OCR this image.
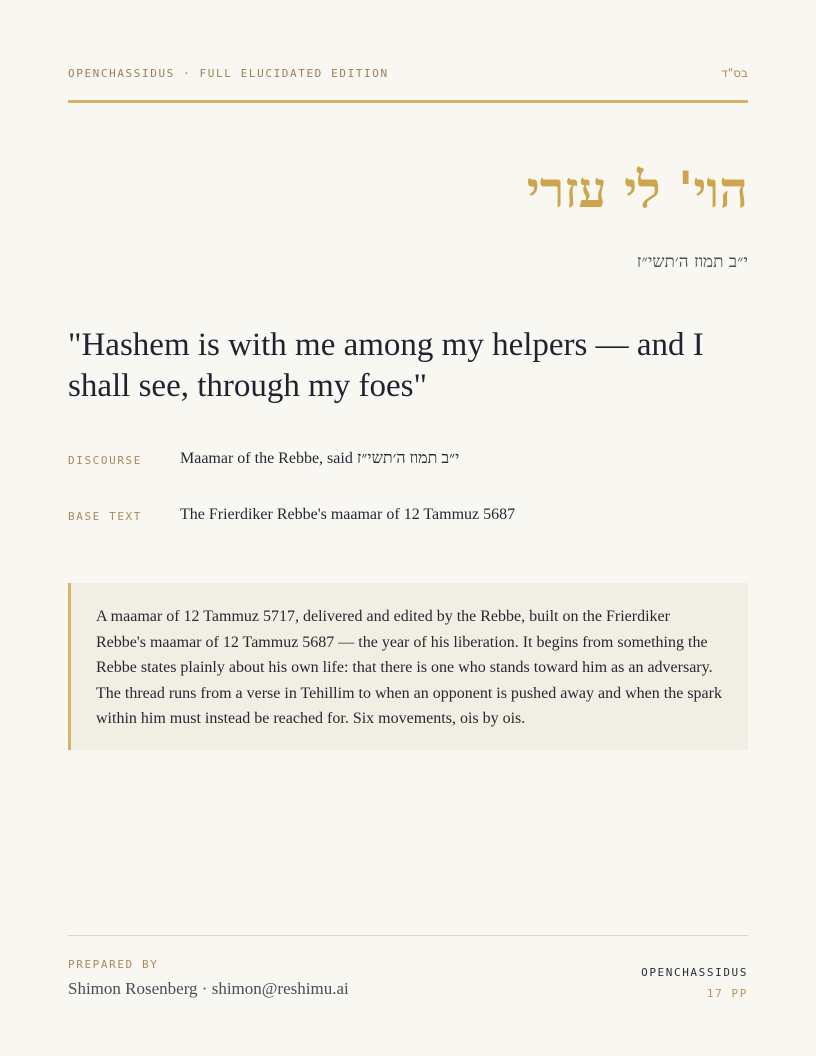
OPENCHASSIDUS · FULL ELUCIDATED EDITION	בס"ד
הוי' לי עזרי
י״ב תמוז ה׳תשי״ז
"Hashem is with me among my helpers — and I shall see, through my foes"
DISCOURSE Maamar of the Rebbe, said י״ב תמוז ה׳תשי״ז
BASE TEXT The Frierdiker Rebbe's maamar of 12 Tammuz 5687
A maamar of 12 Tammuz 5717, delivered and edited by the Rebbe, built on the Frierdiker Rebbe's maamar of 12 Tammuz 5687 — the year of his liberation. It begins from something the Rebbe states plainly about his own life: that there is one who stands toward him as an adversary. The thread runs from a verse in Tehillim to when an opponent is pushed away and when the spark within him must instead be reached for. Six movements, ois by ois.
PREPARED BY
Shimon Rosenberg · shimon@reshimu.ai
OPENCHASSIDUS
17 PP
